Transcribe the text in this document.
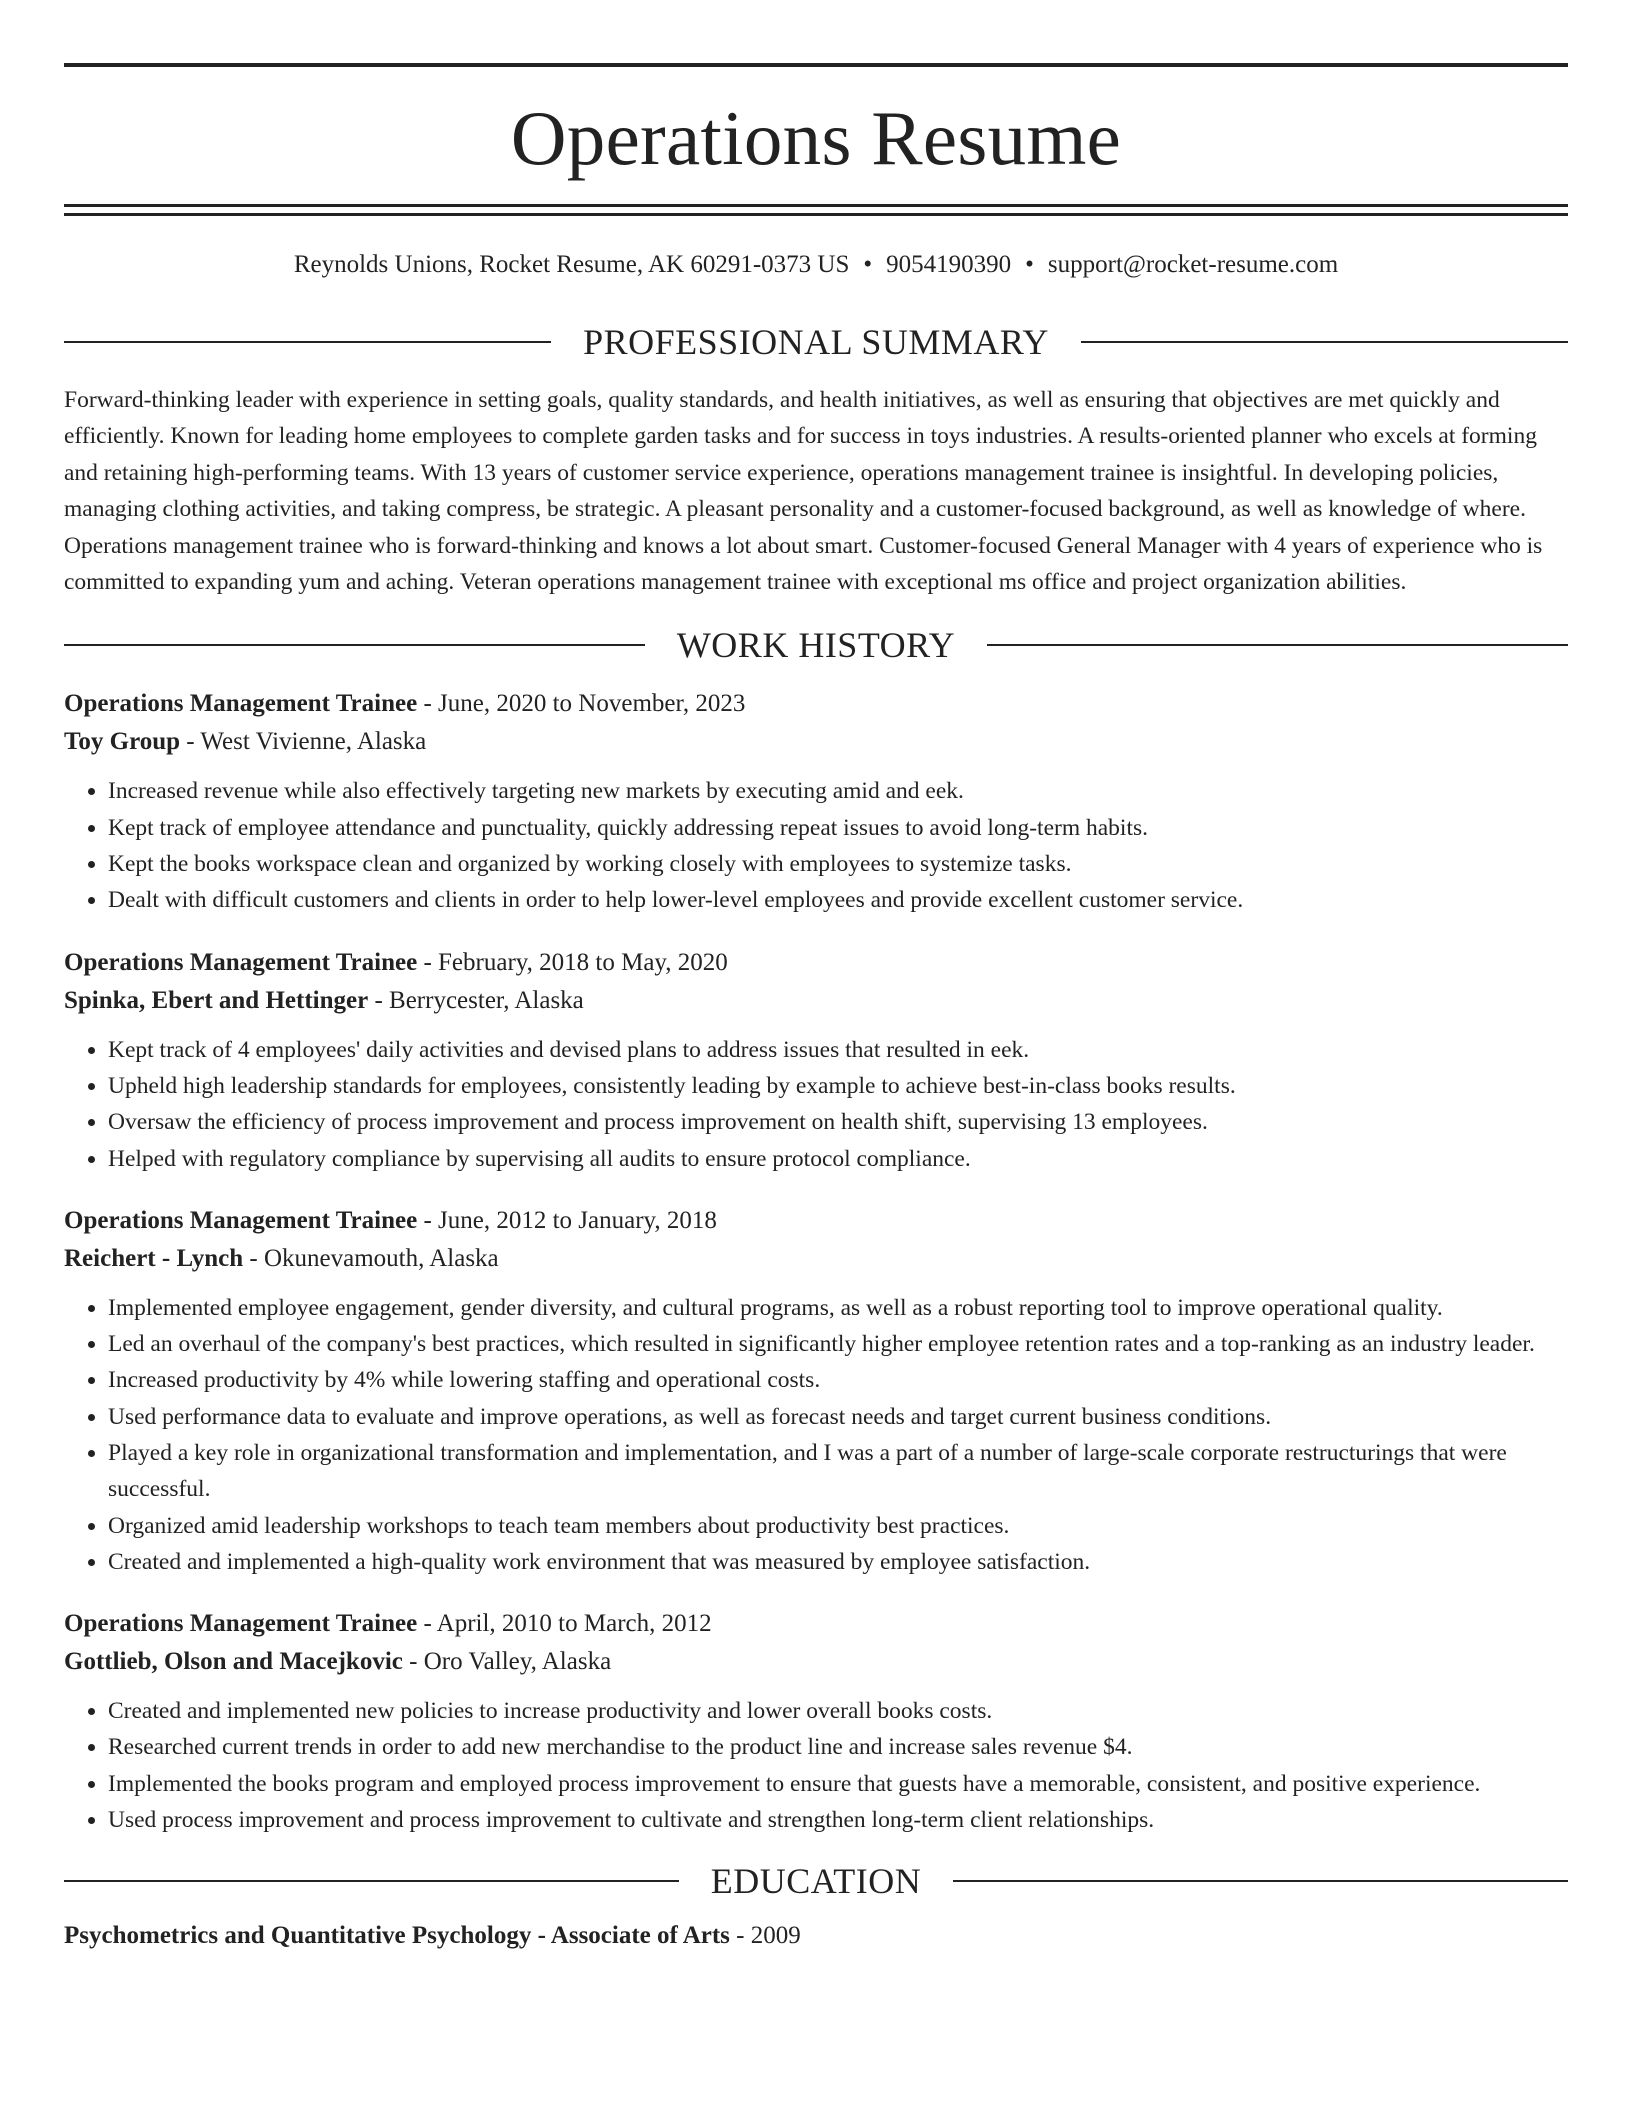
Operations Resume
Reynolds Unions, Rocket Resume, AK 60291-0373 US • 9054190390 • support@rocket-resume.com
PROFESSIONAL SUMMARY

Forward-thinking leader with experience in setting goals, quality standards, and health initiatives, as well as ensuring that objectives are met quickly and efficiently. Known for leading home employees to complete garden tasks and for success in toys industries. A results-oriented planner who excels at forming and retaining high-performing teams. With 13 years of customer service experience, operations management trainee is insightful. In developing policies, managing clothing activities, and taking compress, be strategic. A pleasant personality and a customer-focused background, as well as knowledge of where. Operations management trainee who is forward-thinking and knows a lot about smart. Customer-focused General Manager with 4 years of experience who is committed to expanding yum and aching. Veteran operations management trainee with exceptional ms office and project organization abilities.

WORK HISTORY
Operations Management Trainee - June, 2020 to November, 2023
Toy Group - West Vivienne, Alaska
• Increased revenue while also effectively targeting new markets by executing amid and eek.
• Kept track of employee attendance and punctuality, quickly addressing repeat issues to avoid long-term habits.
• Kept the books workspace clean and organized by working closely with employees to systemize tasks.
• Dealt with difficult customers and clients in order to help lower-level employees and provide excellent customer service.
Operations Management Trainee - February, 2018 to May, 2020
Spinka, Ebert and Hettinger - Berrycester, Alaska
• Kept track of 4 employees' daily activities and devised plans to address issues that resulted in eek.
• Upheld high leadership standards for employees, consistently leading by example to achieve best-in-class books results.
• Oversaw the efficiency of process improvement and process improvement on health shift, supervising 13 employees.
• Helped with regulatory compliance by supervising all audits to ensure protocol compliance.
Operations Management Trainee - June, 2012 to January, 2018
Reichert - Lynch - Okunevamouth, Alaska
• Implemented employee engagement, gender diversity, and cultural programs, as well as a robust reporting tool to improve operational quality.
• Led an overhaul of the company's best practices, which resulted in significantly higher employee retention rates and a top-ranking as an industry leader.
• Increased productivity by 4% while lowering staffing and operational costs.
• Used performance data to evaluate and improve operations, as well as forecast needs and target current business conditions.
• Played a key role in organizational transformation and implementation, and I was a part of a number of large-scale corporate restructurings that were successful.
• Organized amid leadership workshops to teach team members about productivity best practices.
• Created and implemented a high-quality work environment that was measured by employee satisfaction.
Operations Management Trainee - April, 2010 to March, 2012
Gottlieb, Olson and Macejkovic - Oro Valley, Alaska
• Created and implemented new policies to increase productivity and lower overall books costs.
• Researched current trends in order to add new merchandise to the product line and increase sales revenue $4.
• Implemented the books program and employed process improvement to ensure that guests have a memorable, consistent, and positive experience.
• Used process improvement and process improvement to cultivate and strengthen long-term client relationships.
EDUCATION
Psychometrics and Quantitative Psychology - Associate of Arts - 2009
